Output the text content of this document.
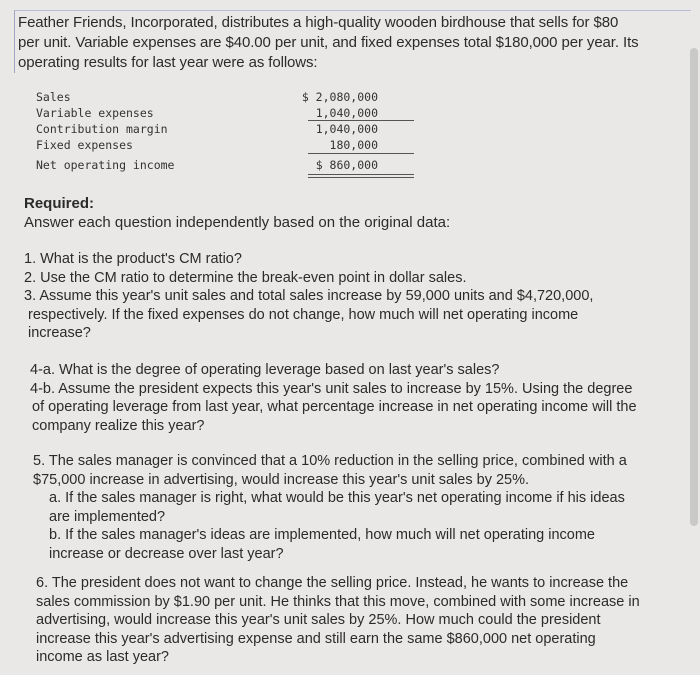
Feather Friends, Incorporated, distributes a high-quality wooden birdhouse that sells for $80
per unit. Variable expenses are $40.00 per unit, and fixed expenses total $180,000 per year. Its
operating results for last year were as follows:
Sales	$ 2,080,000
Variable expenses	1,040,000
Contribution margin	1,040,000
Fixed expenses	180,000
Net operating income	$ 860,000
Required:
Answer each question independently based on the original data:
1. What is the product's CM ratio?
2. Use the CM ratio to determine the break-even point in dollar sales.
3. Assume this year's unit sales and total sales increase by 59,000 units and $4,720,000,
respectively. If the fixed expenses do not change, how much will net operating income
increase?
4-a. What is the degree of operating leverage based on last year's sales?
4-b. Assume the president expects this year's unit sales to increase by 15%. Using the degree
of operating leverage from last year, what percentage increase in net operating income will the
company realize this year?
5. The sales manager is convinced that a 10% reduction in the selling price, combined with a
$75,000 increase in advertising, would increase this year's unit sales by 25%.
a. If the sales manager is right, what would be this year's net operating income if his ideas
are implemented?
b. If the sales manager's ideas are implemented, how much will net operating income
increase or decrease over last year?
6. The president does not want to change the selling price. Instead, he wants to increase the
sales commission by $1.90 per unit. He thinks that this move, combined with some increase in
advertising, would increase this year's unit sales by 25%. How much could the president
increase this year's advertising expense and still earn the same $860,000 net operating
income as last year?
